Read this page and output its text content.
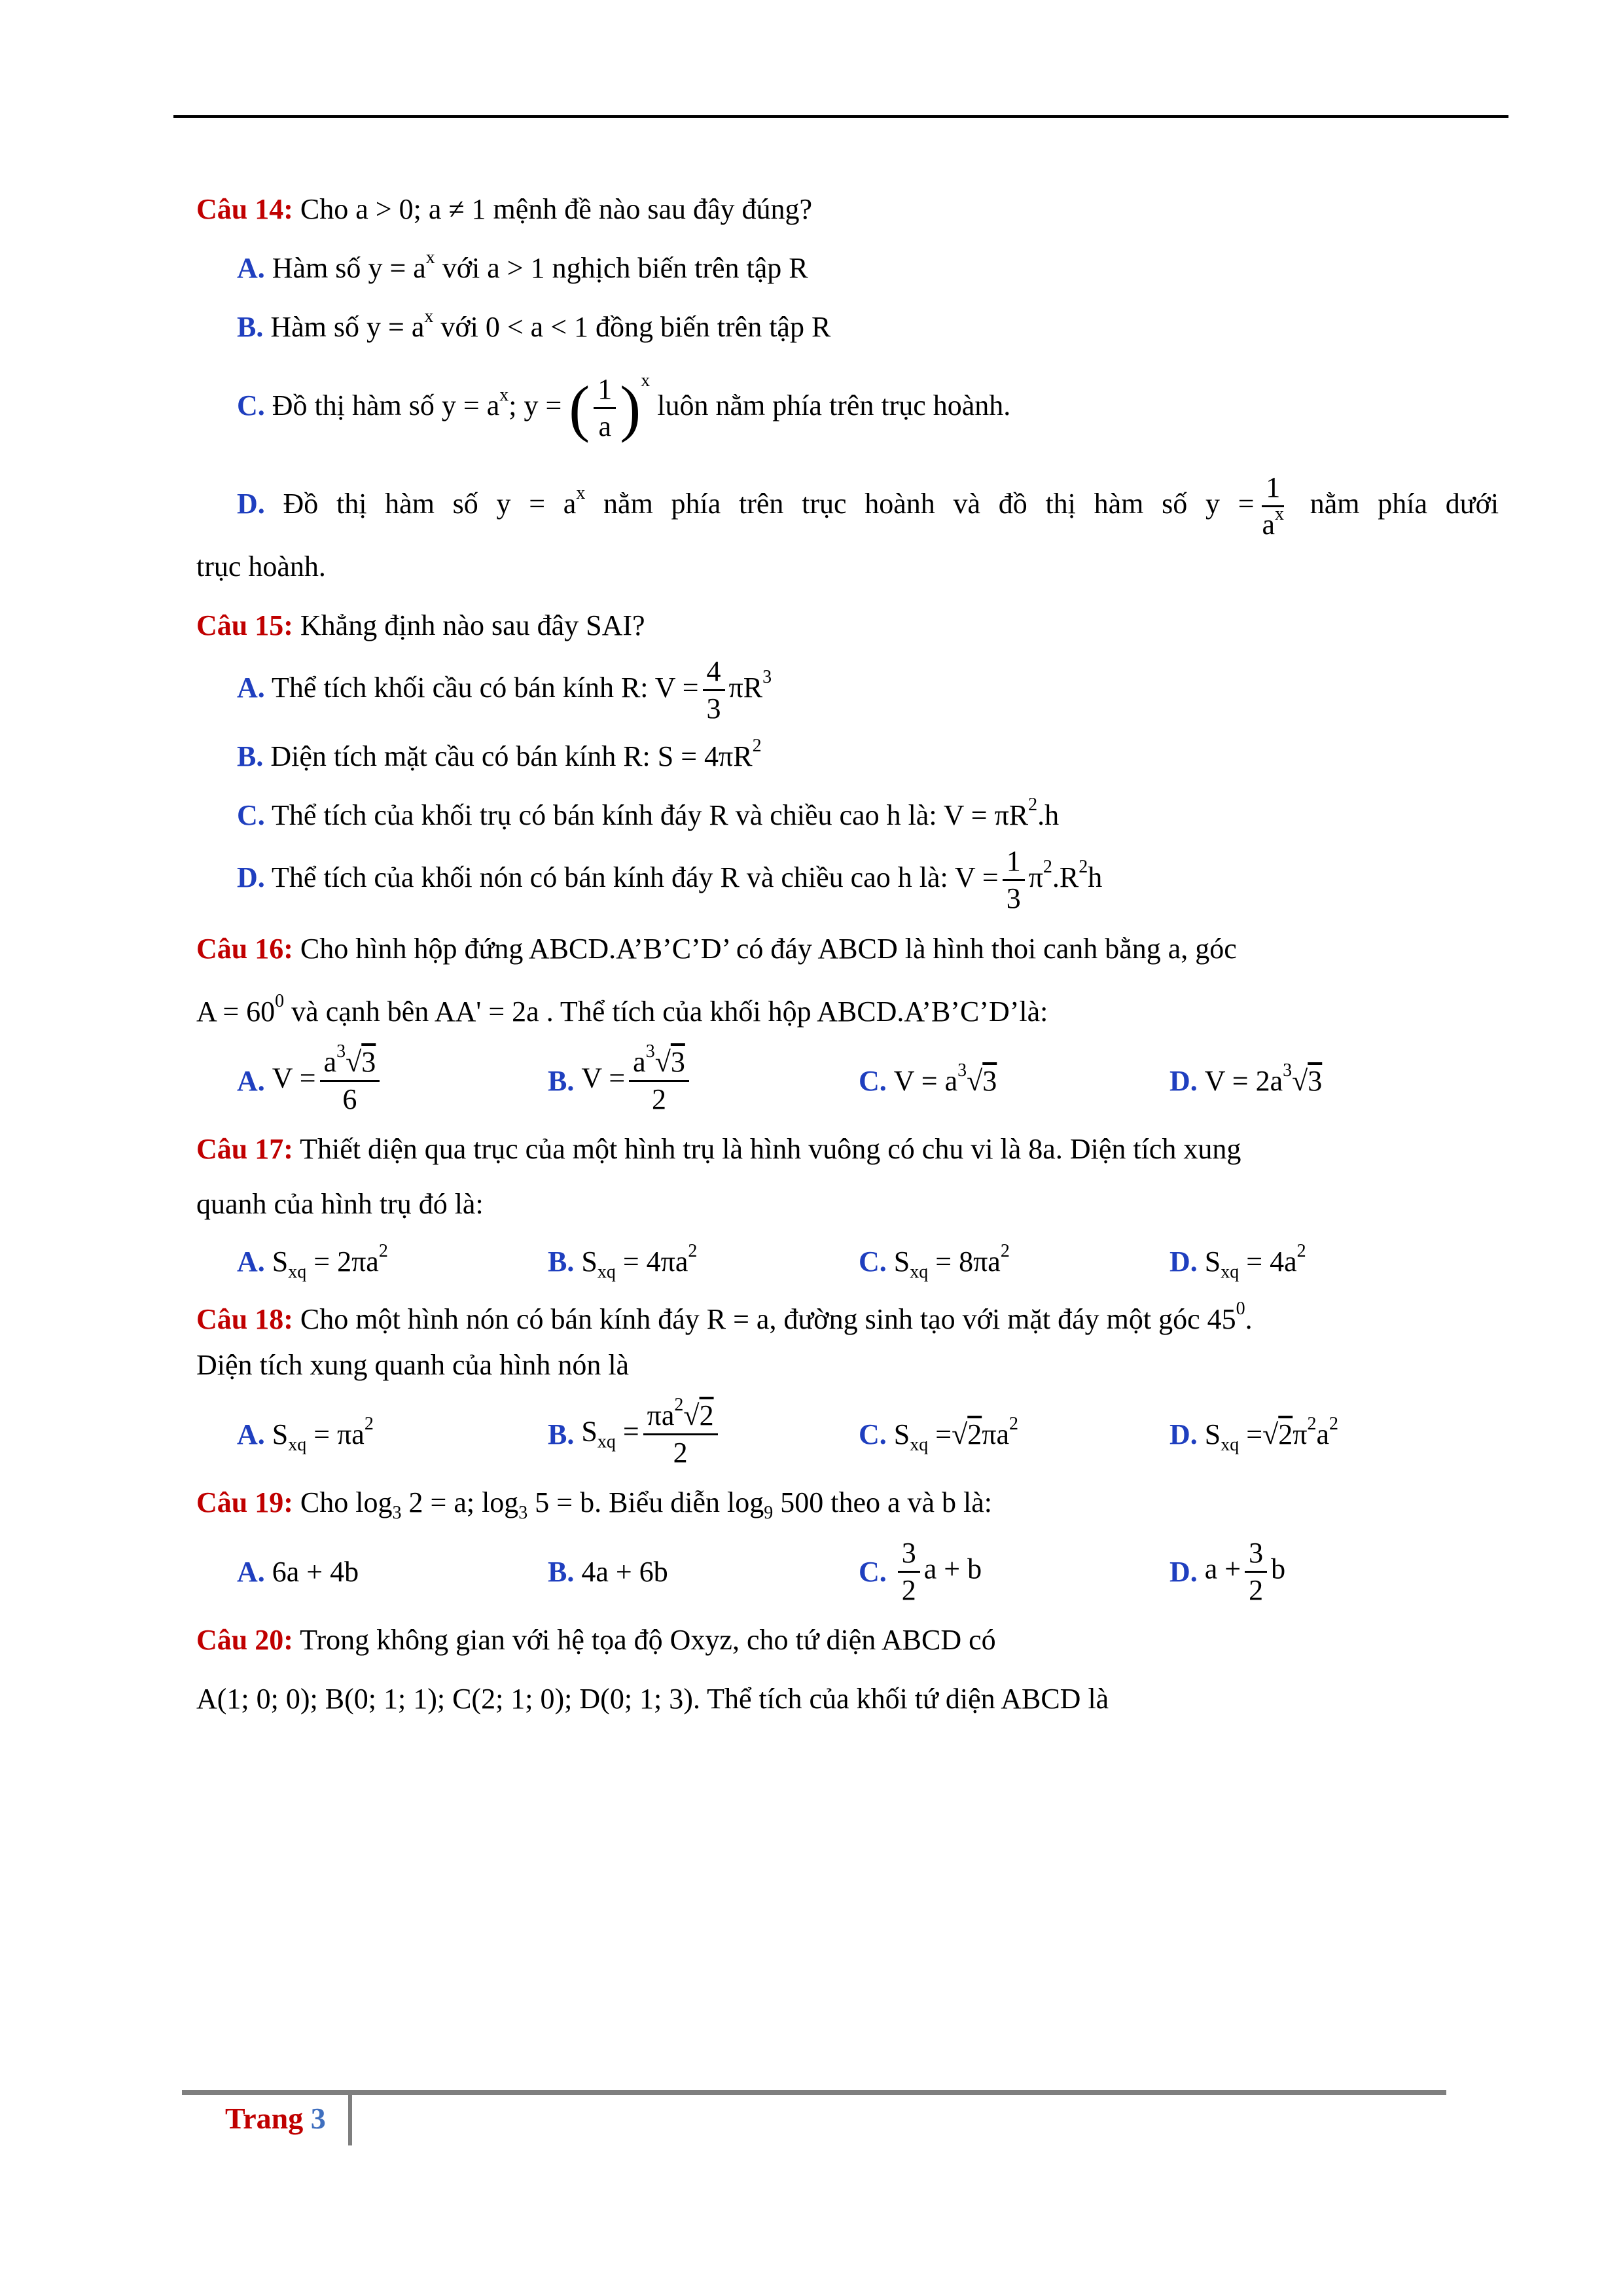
Câu 14: Cho a > 0; a ≠ 1 mệnh đề nào sau đây đúng?

A. Hàm số $y = a^x$ với a > 1 nghịch biến trên tập R

B. Hàm số $y = a^x$ với 0 < a < 1 đồng biến trên tập R

C. Đồ thị hàm số $y = a^x$; y = ( $\frac{1}{a} )^x$ luôn nằm phía trên trục hoành.

D. Đồ thị hàm số $y = a^x$ nằm phía trên trục hoành và đồ thị hàm số $y = \frac{1}{a^x}$ nằm phía dưới

trục hoành.

Câu 15: Khẳng định nào sau đây SAI?

A. Thể tích khối cầu có bán kính R: $V = \frac{4}{3} \pi R^3$

B. Diện tích mặt cầu có bán kính R: $S = 4\pi R^2$

C. Thể tích của khối trụ có bán kính đáy R và chiều cao h là: $V = \pi R^2.h$

D. Thể tích của khối nón có bán kính đáy R và chiều cao h là: $V = \frac{1}{3} \pi^2.R^2h$

Câu 16: Cho hình hộp đứng ABCD.A’B’C’D’ có đáy ABCD là hình thoi canh bằng a, góc

$A = 60^0$ và cạnh bên AA' = 2a . Thể tích của khối hộp ABCD.A’B’C’D’là:

A.
$V = \frac{a^3√3}{6}$	B.
$V = \frac{a^3√3}{2}$	C.
$V = a^3√3$	D.
$V = 2a^3√3$

Câu 17: Thiết diện qua trục của một hình trụ là hình vuông có chu vi là 8a. Diện tích xung

quanh của hình trụ đó là:

A.
$S_{xq} = 2\pi a^2$	B.
$S_{xq} = 4\pi a^2$	C.
$S_{xq} = 8\pi a^2$	D.
$S_{xq} = 4a^2$

Câu 18: Cho một hình nón có bán kính đáy R = a, đường sinh tạo với mặt đáy một góc $45^0$.

Diện tích xung quanh của hình nón là

A.
$S_{xq} = \pi a^2$	B.
$S_{xq} = \frac{\pi a^2√2}{2}$	C.
$S_{xq} =√2\pi a^2$	D.
$S_{xq} =√2\pi^2a^2$

Câu 19: Cho $\log_3 2 = a$; $\log_3 5 = b$. Biểu diễn $\log_9 500$ theo a và b là:

A.
6a + 4b	B.
4a + 6b	C.
$\frac{3}{2}$ a + b	D.
$a + \frac{3}{2}$ b

Câu 20: Trong không gian với hệ tọa độ Oxyz, cho tứ diện ABCD có

A(1; 0; 0); B(0; 1; 1); C(2; 1; 0); D(0; 1; 3). Thể tích của khối tứ diện ABCD là

Trang 3
